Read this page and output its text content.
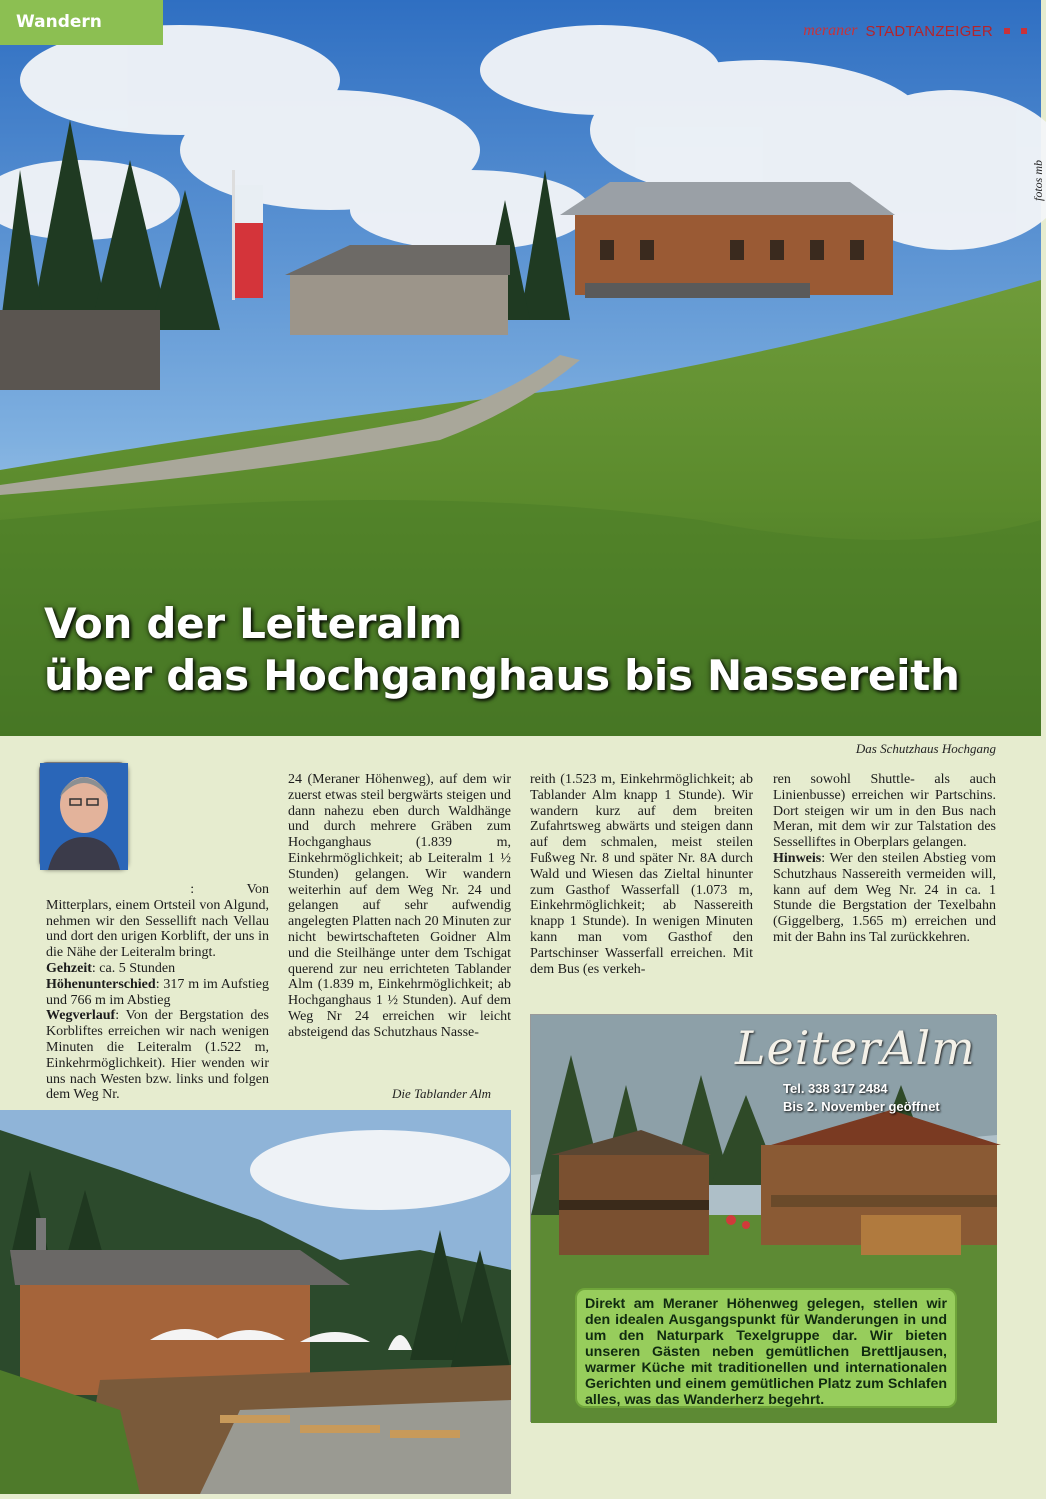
Wandern	meraner STADTANZEIGER
fotos mb
Von der Leiteralm
über das Hochganghaus bis Nassereith
Das Schutzhaus Hochgang

: Von Mitterplars, einem Ortsteil von Algund, nehmen wir den Sessellift nach Vellau und dort den urigen Korblift, der uns in die Nähe der Leiteralm bringt.

Gehzeit: ca. 5 Stunden

Höhenunterschied: 317 m im Aufstieg und 766 m im Abstieg

Wegverlauf: Von der Bergstation des Korbliftes erreichen wir nach wenigen Minuten die Leiteralm (1.522 m, Einkehrmöglichkeit). Hier wenden wir uns nach Westen bzw. links und folgen dem Weg Nr.

24 (Meraner Höhenweg), auf dem wir zuerst etwas steil bergwärts steigen und dann nahezu eben durch Waldhänge und durch mehrere Gräben zum Hochganghaus (1.839 m, Einkehrmöglichkeit; ab Leiteralm 1 ½ Stunden) gelangen. Wir wandern weiterhin auf dem Weg Nr. 24 und gelangen auf sehr aufwendig angelegten Platten nach 20 Minuten zur nicht bewirtschafteten Goidner Alm und die Steilhänge unter dem Tschigat querend zur neu errichteten Tablander Alm (1.839 m, Einkehrmöglichkeit; ab Hochganghaus 1 ½ Stunden). Auf dem Weg Nr 24 erreichen wir leicht absteigend das Schutzhaus Nasse-

reith (1.523 m, Einkehrmöglichkeit; ab Tablander Alm knapp 1 Stunde). Wir wandern kurz auf dem breiten Zufahrtsweg abwärts und steigen dann auf dem schmalen, meist steilen Fußweg Nr. 8 und später Nr. 8A durch Wald und Wiesen das Zieltal hinunter zum Gasthof Wasserfall (1.073 m, Einkehrmöglichkeit; ab Nassereith knapp 1 Stunde). In wenigen Minuten kann man vom Gasthof den Partschinser Wasserfall erreichen. Mit dem Bus (es verkeh-

ren sowohl Shuttle- als auch Linienbusse) erreichen wir Partschins. Dort steigen wir um in den Bus nach Meran, mit dem wir zur Talstation des Sesselliftes in Oberplars gelangen.

Hinweis: Wer den steilen Abstieg vom Schutzhaus Nassereith vermeiden will, kann auf dem Weg Nr. 24 in ca. 1 Stunde die Bergstation der Texelbahn (Giggelberg, 1.565 m) erreichen und mit der Bahn ins Tal zurückkehren.

Die Tablander Alm
LeiterAlm
Tel. 338 317 2484
Bis 2. November geöffnet
Direkt am Meraner Höhenweg gelegen, stellen wir den idealen Ausgangspunkt für Wanderungen in und um den Naturpark Texelgruppe dar. Wir bieten unseren Gästen neben gemütlichen Brettljausen, warmer Küche mit traditionellen und internationalen Gerichten und einem gemütlichen Platz zum Schlafen alles, was das Wanderherz begehrt.
